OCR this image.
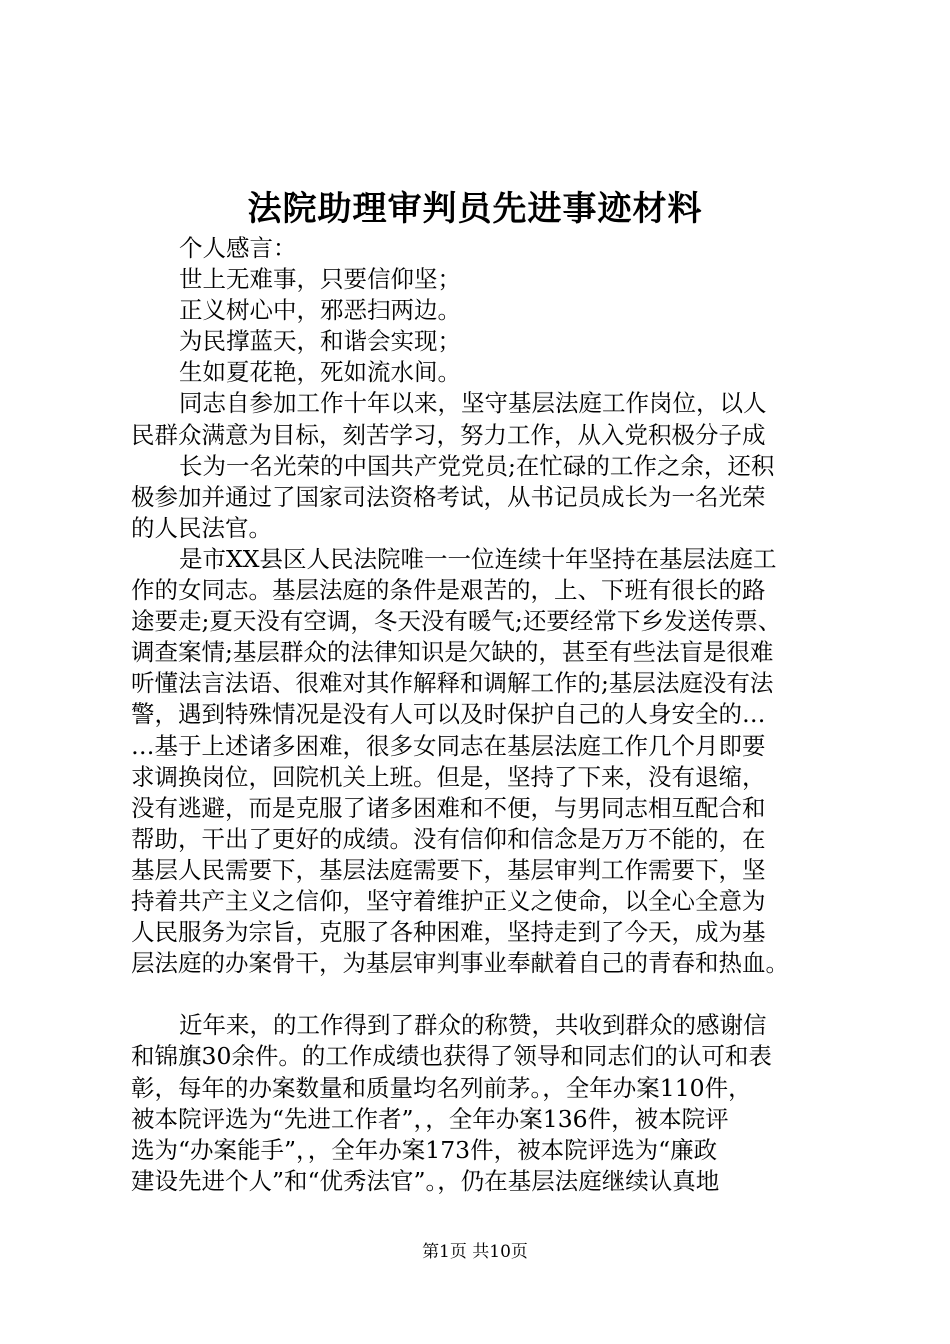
法院助理审判员先进事迹材料

个人感言：

世上无难事，只要信仰坚；

正义树心中，邪恶扫两边。

为民撑蓝天，和谐会实现；

生如夏花艳，死如流水间。

同志自参加工作十年以来，坚守基层法庭工作岗位，以人

民群众满意为目标，刻苦学习，努力工作，从入党积极分子成

长为一名光荣的中国共产党党员;在忙碌的工作之余，还积

极参加并通过了国家司法资格考试，从书记员成长为一名光荣

的人民法官。

是市XX县区人民法院唯一一位连续十年坚持在基层法庭工

作的女同志。基层法庭的条件是艰苦的，上、下班有很长的路

途要走;夏天没有空调，冬天没有暖气;还要经常下乡发送传票、

调查案情;基层群众的法律知识是欠缺的，甚至有些法盲是很难

听懂法言法语、很难对其作解释和调解工作的;基层法庭没有法

警，遇到特殊情况是没有人可以及时保护自己的人身安全的…

…基于上述诸多困难，很多女同志在基层法庭工作几个月即要

求调换岗位，回院机关上班。但是，坚持了下来，没有退缩，

没有逃避，而是克服了诸多困难和不便，与男同志相互配合和

帮助，干出了更好的成绩。没有信仰和信念是万万不能的，在

基层人民需要下，基层法庭需要下，基层审判工作需要下，坚

持着共产主义之信仰，坚守着维护正义之使命，以全心全意为

人民服务为宗旨，克服了各种困难，坚持走到了今天，成为基

层法庭的办案骨干，为基层审判事业奉献着自己的青春和热血。

近年来，的工作得到了群众的称赞，共收到群众的感谢信

和锦旗30余件。的工作成绩也获得了领导和同志们的认可和表

彰，每年的办案数量和质量均名列前茅。，全年办案110件，

被本院评选为“先进工作者”，，全年办案136件，被本院评

选为“办案能手”，，全年办案173件，被本院评选为“廉政

建设先进个人”和“优秀法官”。，仍在基层法庭继续认真地

第1页 共10页
